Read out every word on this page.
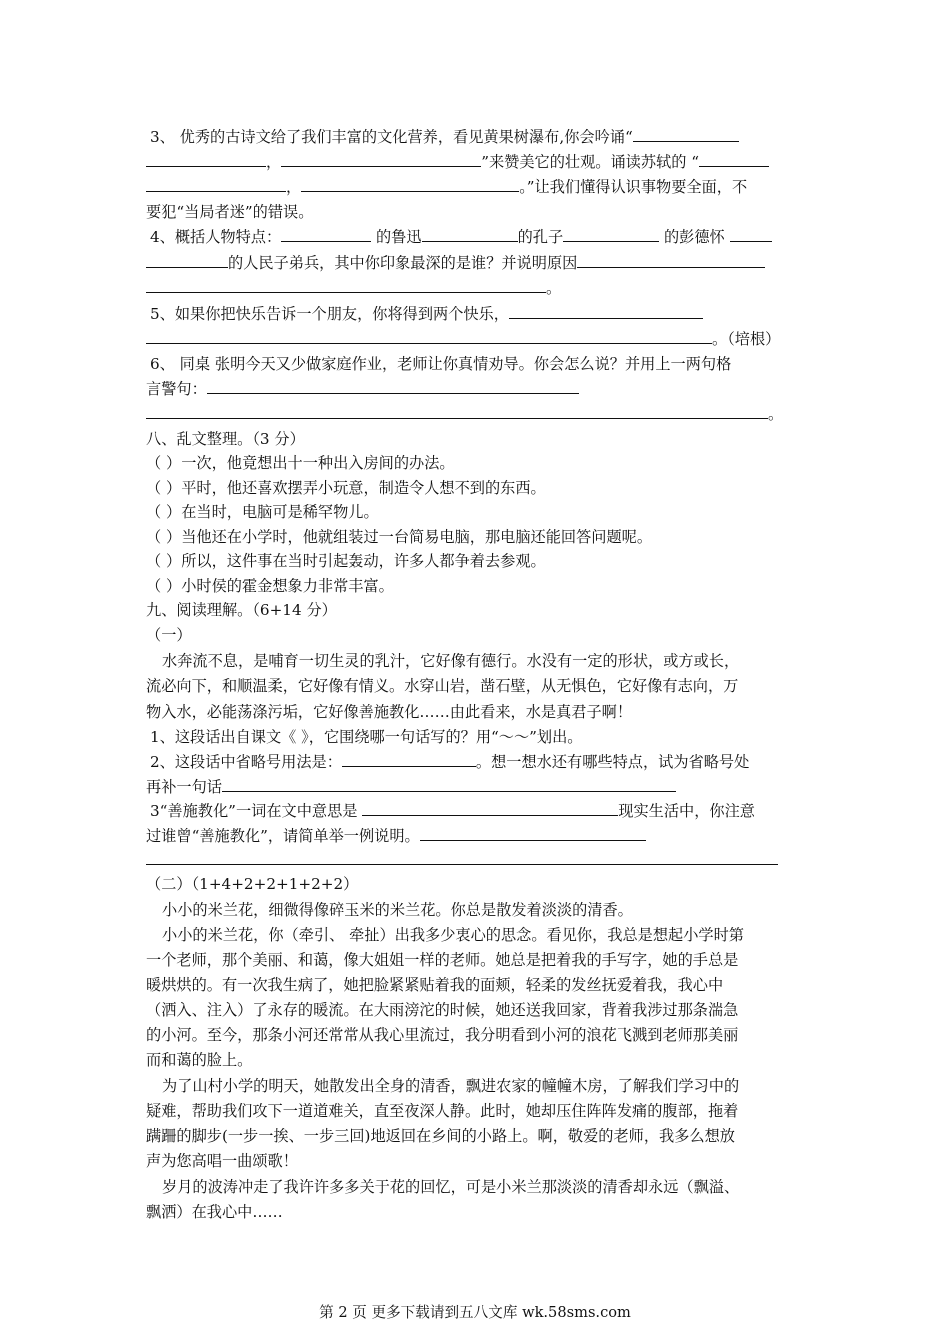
3、 优秀的古诗文给了我们丰富的文化营养，看见黄果树瀑布,你会吟诵“
，	”来赞美它的壮观。诵读苏轼的 “
，	。”让我们懂得认识事物要全面，不
要犯“当局者迷”的错误。
4、概括人物特点：	的鲁迅	的孔子	的彭德怀
的人民子弟兵，其中你印象最深的是谁？并说明原因
。
5、如果你把快乐告诉一个朋友，你将得到两个快乐，
。（培根）
6、 同桌 张明今天又少做家庭作业，老师让你真情劝导。你会怎么说？并用上一两句格
言警句：
。
八、乱文整理。（3 分）
（ ）一次，他竟想出十一种出入房间的办法。
（ ）平时，他还喜欢摆弄小玩意，制造令人想不到的东西。
（ ）在当时，电脑可是稀罕物儿。
（ ）当他还在小学时，他就组装过一台简易电脑，那电脑还能回答问题呢。
（ ）所以，这件事在当时引起轰动，许多人都争着去参观。
（ ）小时侯的霍金想象力非常丰富。
九、阅读理解。（6+14 分）
（一）
水奔流不息，是哺育一切生灵的乳汁，它好像有德行。水没有一定的形状，或方或长，
流必向下，和顺温柔，它好像有情义。水穿山岩，凿石壁，从无惧色，它好像有志向，万
物入水，必能荡涤污垢，它好像善施教化……由此看来，水是真君子啊！
1、这段话出自课文《 》，它围绕哪一句话写的？用“～～”划出。
2、这段话中省略号用法是：	。想一想水还有哪些特点，试为省略号处
再补一句话
3“善施教化”一词在文中意思是	现实生活中，你注意
过谁曾“善施教化”，请简单举一例说明。
（二）（1+4+2+2+1+2+2）
小小的米兰花，细微得像碎玉米的米兰花。你总是散发着淡淡的清香。
小小的米兰花，你（牵引、 牵扯）出我多少衷心的思念。看见你，我总是想起小学时第
一个老师，那个美丽、和蔼，像大姐姐一样的老师。她总是把着我的手写字，她的手总是
暖烘烘的。有一次我生病了，她把脸紧紧贴着我的面颊，轻柔的发丝抚爱着我，我心中
（洒入、注入）了永存的暖流。在大雨滂沱的时候，她还送我回家，背着我涉过那条湍急
的小河。至今，那条小河还常常从我心里流过，我分明看到小河的浪花飞溅到老师那美丽
而和蔼的脸上。
为了山村小学的明天，她散发出全身的清香，飘进农家的幢幢木房，了解我们学习中的
疑难，帮助我们攻下一道道难关，直至夜深人静。此时，她却压住阵阵发痛的腹部，拖着
蹒跚的脚步(一步一挨、一步三回)地返回在乡间的小路上。啊，敬爱的老师，我多么想放
声为您高唱一曲颂歌！
岁月的波涛冲走了我许许多多关于花的回忆，可是小米兰那淡淡的清香却永远（飘溢、
飘洒）在我心中……
第 2 页 更多下载请到五八文库 wk.58sms.com
